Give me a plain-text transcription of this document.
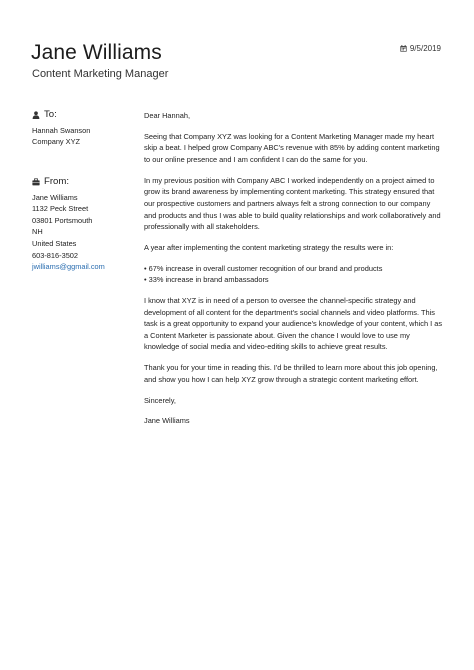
Jane Williams
Content Marketing Manager
9/5/2019
To:
Hannah Swanson
Company XYZ
From:
Jane Williams
1132 Peck Street
03801 Portsmouth
NH
United States
603-816-3502
jwilliams@ggmail.com

Dear Hannah,

Seeing that Company XYZ was looking for a Content Marketing Manager made my heart skip a beat. I helped grow Company ABC's revenue with 85% by adding content marketing to our online presence and I am confident I can do the same for you.

In my previous position with Company ABC I worked independently on a project aimed to grow its brand awareness by implementing content marketing. This strategy ensured that our prospective customers and partners always felt a strong connection to our company and products and thus I was able to build quality relationships and work collaboratively and professionally with all stakeholders.

A year after implementing the content marketing strategy the results were in:

• 67% increase in overall customer recognition of our brand and products
• 33% increase in brand ambassadors

I know that XYZ is in need of a person to oversee the channel-specific strategy and development of all content for the department's social channels and video platforms. This task is a great opportunity to expand your audience's knowledge of your content, which I as a Content Marketer is passionate about. Given the chance I would love to use my knowledge of social media and video-editing skills to achieve great results.

Thank you for your time in reading this. I'd be thrilled to learn more about this job opening, and show you how I can help XYZ grow through a strategic content marketing effort.

Sincerely,

Jane Williams
